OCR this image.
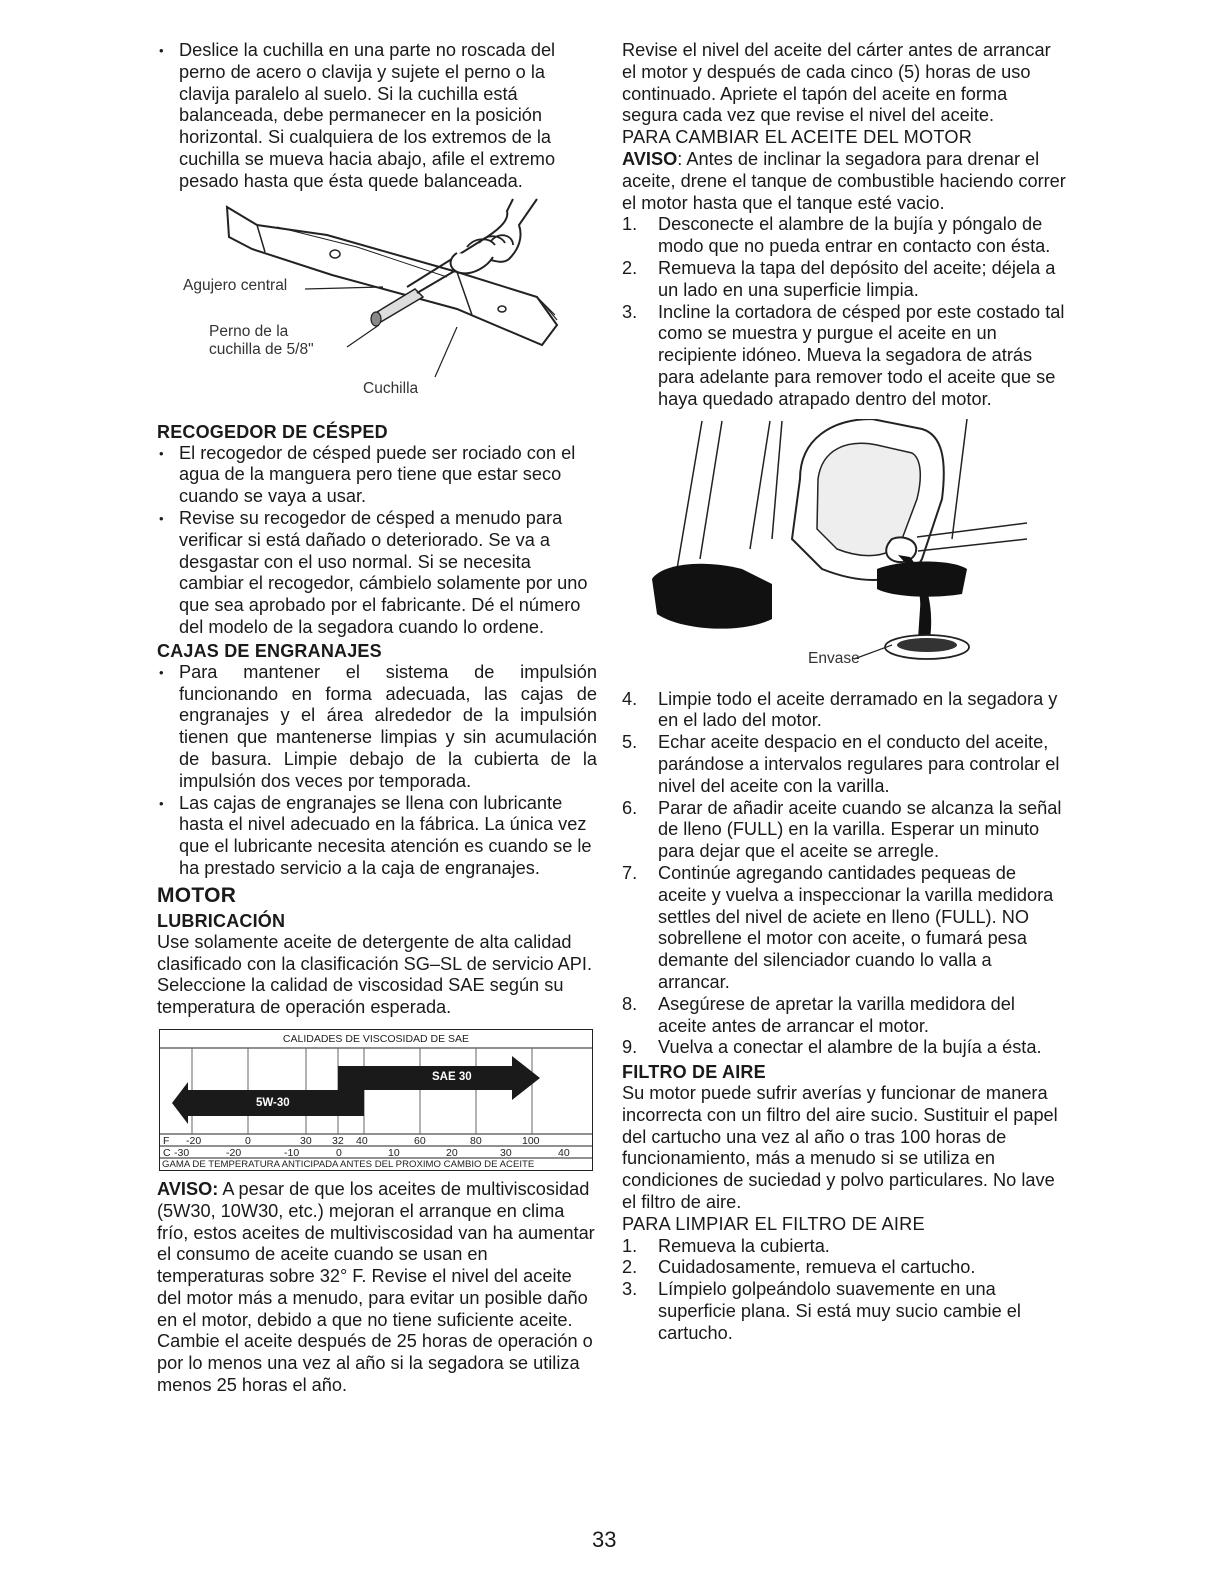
• Deslice la cuchilla en una parte no roscada del perno de acero o clavija y sujete el perno o la clavija paralelo al suelo. Si la cuchilla está balanceada, debe permanecer en la posición horizontal. Si cualquiera de los extremos de la cuchilla se mueva hacia abajo, afile el extremo pesado hasta que ésta quede balanceada.

Agujero central
Perno de la cuchilla de 5/8"
Cuchilla

RECOGEDOR DE CÉSPED

• El recogedor de césped puede ser rociado con el agua de la manguera pero tiene que estar seco cuando se vaya a usar.

• Revise su recogedor de césped a menudo para verificar si está dañado o deteriorado. Se va a desgastar con el uso normal. Si se necesita cambiar el recogedor, cámbielo solamente por uno que sea aprobado por el fabricante. Dé el número del modelo de la segadora cuando lo ordene.

CAJAS DE ENGRANAJES

• Para mantener el sistema de impulsión funcionando en forma adecuada, las cajas de engranajes y el área alrededor de la impulsión tienen que mantenerse limpias y sin acumulación de basura. Limpie debajo de la cubierta de la impulsión dos veces por temporada.

• Las cajas de engranajes se llena con lubricante hasta el nivel adecuado en la fábrica. La única vez que el lubricante necesita atención es cuando se le ha prestado servicio a la caja de engranajes.

MOTOR

LUBRICACIÓN

Use solamente aceite de detergente de alta calidad clasificado con la clasificación SG–SL de servicio API. Seleccione la calidad de viscosidad SAE según su temperatura de operación esperada.

CALIDADES DE VISCOSIDAD DE SAE
SAE 30
5W-30
F -20	0	30 32 40	60	80	100
C -30	-20	-10	0	10	20	30	40
GAMA DE TEMPERATURA ANTICIPADA ANTES DEL PROXIMO CAMBIO DE ACEITE

AVISO: A pesar de que los aceites de multiviscosidad (5W30, 10W30, etc.) mejoran el arranque en clima frío, estos aceites de multiviscosidad van ha aumentar el consumo de aceite cuando se usan en temperaturas sobre 32° F. Revise el nivel del aceite del motor más a menudo, para evitar un posible daño en el motor, debido a que no tiene suficiente aceite. Cambie el aceite después de 25 horas de operación o por lo menos una vez al año si la segadora se utiliza menos 25 horas el año.

Revise el nivel del aceite del cárter antes de arrancar el motor y después de cada cinco (5) horas de uso continuado. Apriete el tapón del aceite en forma segura cada vez que revise el nivel del aceite.

PARA CAMBIAR EL ACEITE DEL MOTOR

AVISO: Antes de inclinar la segadora para drenar el aceite, drene el tanque de combustible haciendo correr el motor hasta que el tanque esté vacio.

1. Desconecte el alambre de la bujía y póngalo de modo que no pueda entrar en contacto con ésta.

2. Remueva la tapa del depósito del aceite; déjela a un lado en una superficie limpia.

3. Incline la cortadora de césped por este costado tal como se muestra y purgue el aceite en un recipiente idóneo. Mueva la segadora de atrás para adelante para remover todo el aceite que se haya quedado atrapado dentro del motor.

Envase

4. Limpie todo el aceite derramado en la segadora y en el lado del motor.

5. Echar aceite despacio en el conducto del aceite, parándose a intervalos regulares para controlar el nivel del aceite con la varilla.

6. Parar de añadir aceite cuando se alcanza la señal de lleno (FULL) en la varilla. Esperar un minuto para dejar que el aceite se arregle.

7. Continúe agregando cantidades pequeas de aceite y vuelva a inspeccionar la varilla medidora settles del nivel de aciete en lleno (FULL). NO sobrellene el motor con aceite, o fumará pesa demante del silenciador cuando lo valla a arrancar.

8. Asegúrese de apretar la varilla medidora del aceite antes de arrancar el motor.

9. Vuelva a conectar el alambre de la bujía a ésta.

FILTRO DE AIRE

Su motor puede sufrir averías y funcionar de manera incorrecta con un filtro del aire sucio. Sustituir el papel del cartucho una vez al año o tras 100 horas de funcionamiento, más a menudo si se utiliza en condiciones de suciedad y polvo particulares. No lave el filtro de aire.

PARA LIMPIAR EL FILTRO DE AIRE

1. Remueva la cubierta.

2. Cuidadosamente, remueva el cartucho.

3. Límpielo golpeándolo suavemente en una superficie plana. Si está muy sucio cambie el cartucho.

33
